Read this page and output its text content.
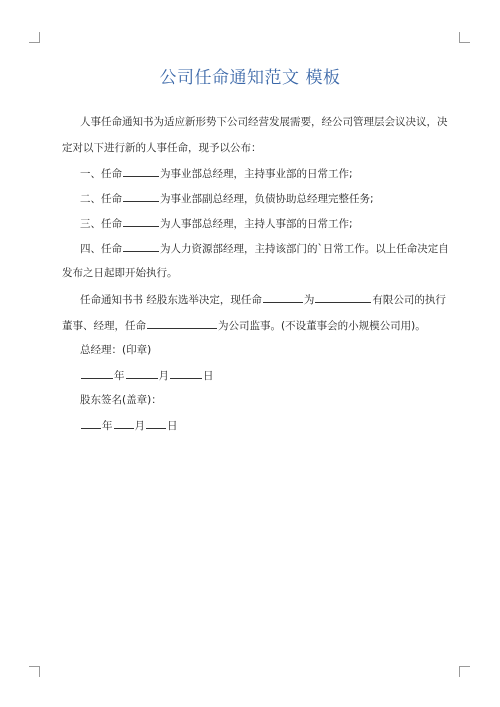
公司任命通知范文 模板
人事任命通知书为适应新形势下公司经营发展需要，经公司管理层会议决议，决
定对以下进行新的人事任命，现予以公布：
一、任命	为事业部总经理，主持事业部的日常工作;
二、任命	为事业部副总经理，负债协助总经理完整任务;
三、任命	为人事部总经理，主持人事部的日常工作;
四、任命	为人力资源部经理，主持该部门的`日常工作。以上任命决定自
发布之日起即开始执行。
任命通知书书 经股东选举决定，现任命	为	有限公司的执行
董事、经理，任命	为公司监事。(不设董事会的小规模公司用)。
总经理：(印章)
年	月	日
股东签名(盖章)：
年 月 日
